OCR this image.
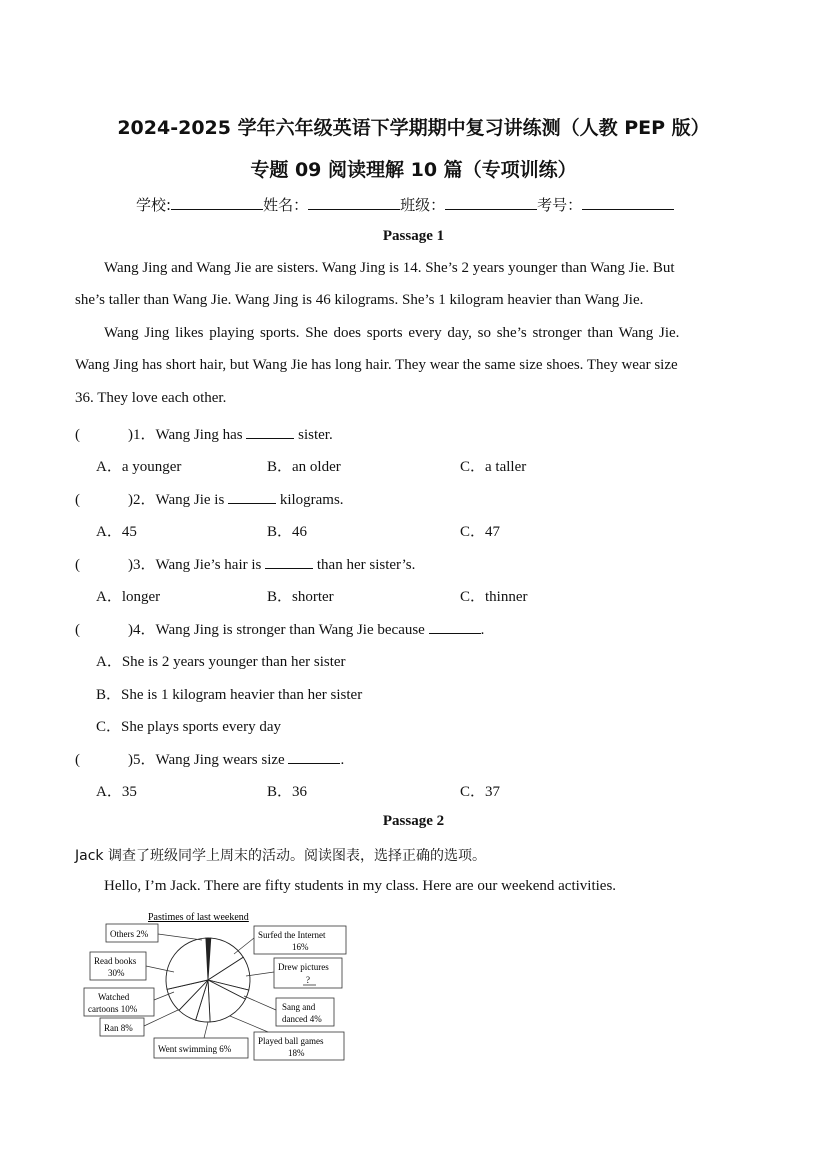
2024-2025 学年六年级英语下学期期中复习讲练测（人教 PEP 版）
专题 09 阅读理解 10 篇（专项训练）
学校:	姓名：	班级：	考号：
Passage 1
Wang Jing and Wang Jie are sisters. Wang Jing is 14. She’s 2 years younger than Wang Jie. But
she’s taller than Wang Jie. Wang Jing is 46 kilograms. She’s 1 kilogram heavier than Wang Jie.
Wang Jing likes playing sports. She does sports every day, so she’s stronger than Wang Jie.
Wang Jing has short hair, but Wang Jie has long hair. They wear the same size shoes. They wear size
36. They love each other.
(	)1．Wang Jing has	sister.
A．a younger	B．an older	C．a taller
(	)2．Wang Jie is	kilograms.
A．45	B．46	C．47
(	)3．Wang Jie’s hair is	than her sister’s.
A．longer	B．shorter	C．thinner
(	)4．Wang Jing is stronger than Wang Jie because	.
A．She is 2 years younger than her sister
B．She is 1 kilogram heavier than her sister
C．She plays sports every day
(	)5．Wang Jing wears size	.
A．35	B．36	C．37
Passage 2
Jack 调查了班级同学上周末的活动。阅读图表，选择正确的选项。
Hello, I’m Jack. There are fifty students in my class. Here are our weekend activities.
Pastimes of last weekend
Others 2%	Surfed the Internet
16%
Drew pictures
?
Sang and
danced 4%
Played ball games
18%
Went swimming 6%
Ran 8%
Watched
cartoons 10%
Read books
30%
